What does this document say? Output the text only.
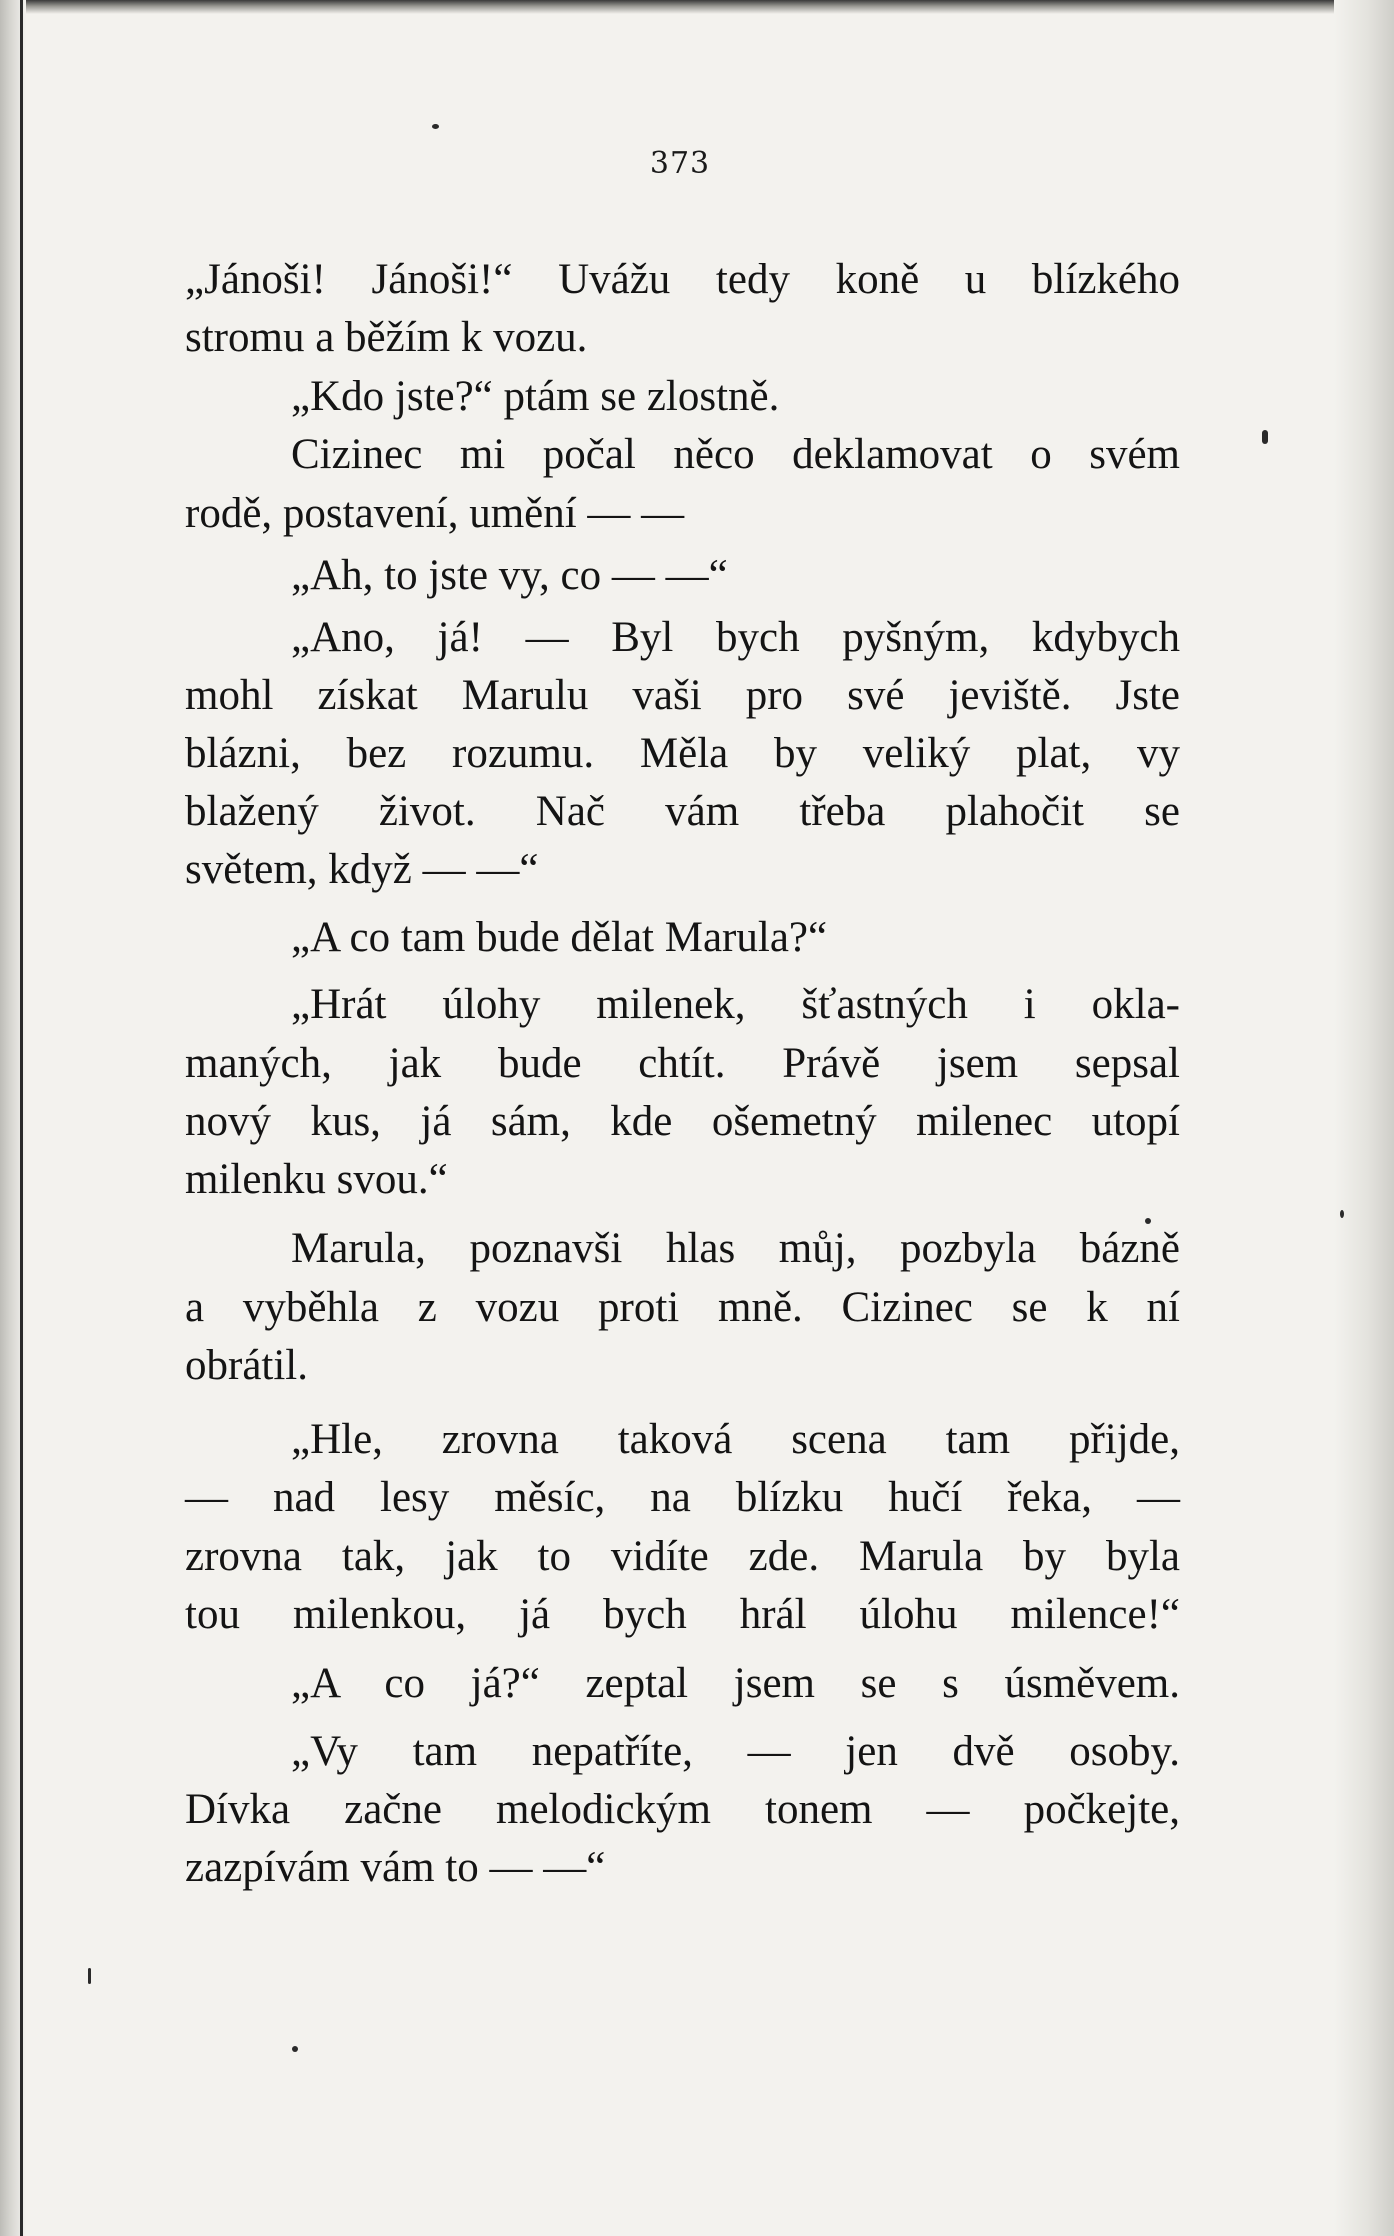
373
„Jánoši! Jánoši!“ Uvážu tedy koně u blízkého
stromu a běžím k vozu.
„Kdo jste?“ ptám se zlostně.
Cizinec mi počal něco deklamovat o svém
rodě, postavení, umění — —
„Ah, to jste vy, co — —“
„Ano, já! — Byl bych pyšným, kdybych
mohl získat Marulu vaši pro své jeviště. Jste
blázni, bez rozumu. Měla by veliký plat, vy
blažený život. Nač vám třeba plahočit se
světem, když — —“
„A co tam bude dělat Marula?“
„Hrát úlohy milenek, šťastných i okla-
maných, jak bude chtít. Právě jsem sepsal
nový kus, já sám, kde ošemetný milenec utopí
milenku svou.“
Marula, poznavši hlas můj, pozbyla bázně
a vyběhla z vozu proti mně. Cizinec se k ní
obrátil.
„Hle, zrovna taková scena tam přijde,
— nad lesy měsíc, na blízku hučí řeka, —
zrovna tak, jak to vidíte zde. Marula by byla
tou milenkou, já bych hrál úlohu milence!“
„A co já?“ zeptal jsem se s úsměvem.
„Vy tam nepatříte, — jen dvě osoby.
Dívka začne melodickým tonem — počkejte,
zazpívám vám to — —“
